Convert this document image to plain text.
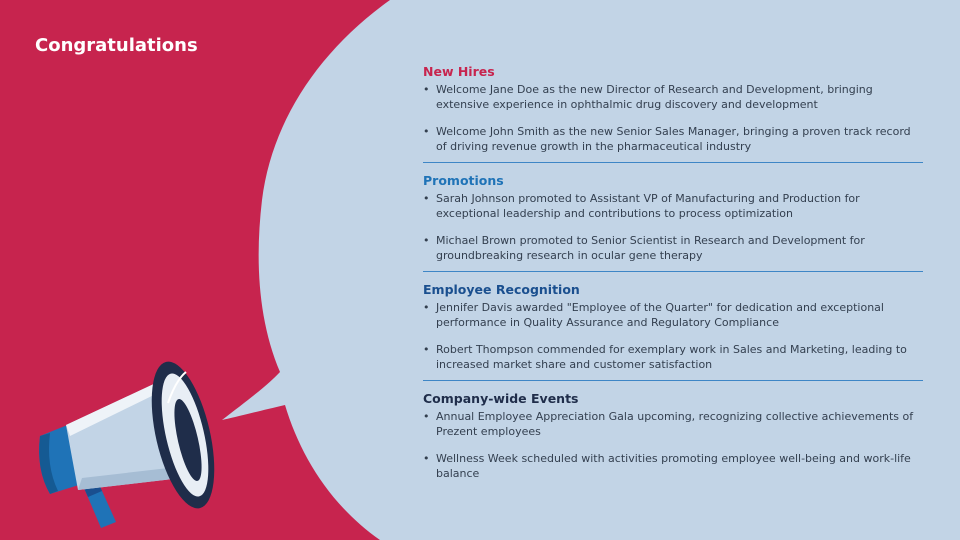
Congratulations
New Hires
• Welcome Jane Doe as the new Director of Research and Development, bringing extensive experience in ophthalmic drug discovery and development
• Welcome John Smith as the new Senior Sales Manager, bringing a proven track record of driving revenue growth in the pharmaceutical industry
Promotions
• Sarah Johnson promoted to Assistant VP of Manufacturing and Production for exceptional leadership and contributions to process optimization
• Michael Brown promoted to Senior Scientist in Research and Development for groundbreaking research in ocular gene therapy
Employee Recognition
• Jennifer Davis awarded "Employee of the Quarter" for dedication and exceptional performance in Quality Assurance and Regulatory Compliance
• Robert Thompson commended for exemplary work in Sales and Marketing, leading to increased market share and customer satisfaction
Company-wide Events
• Annual Employee Appreciation Gala upcoming, recognizing collective achievements of Prezent employees
• Wellness Week scheduled with activities promoting employee well-being and work-life balance
